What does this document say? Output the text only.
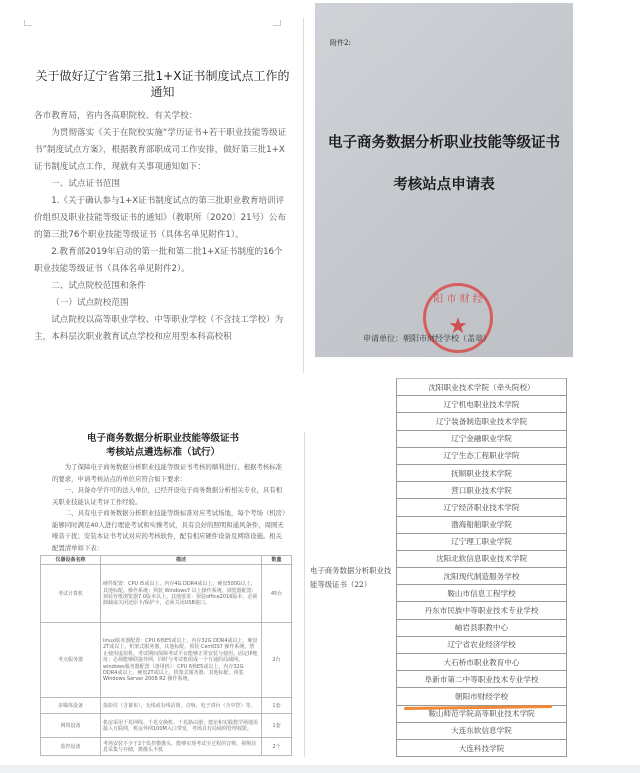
关于做好辽宁省第三批1+X证书制度试点工作的通知

各市教育局，省内各高职院校、有关学校：

为贯彻落实《关于在院校实施“学历证书+若干职业技能等级证书”制度试点方案》，根据教育部职成司工作安排，做好第三批1+X证书制度试点工作，现就有关事项通知如下：

一、试点证书范围

1.《关于确认参与1+X证书制度试点的第三批职业教育培训评价组织及职业技能等级证书的通知》（教职所〔2020〕21号）公布的第三批76个职业技能等级证书（具体名单见附件1）。

2.教育部2019年启动的第一批和第二批1+X证书制度的16个职业技能等级证书（具体名单见附件2）。

二、试点院校范围和条件

（一）试点院校范围

试点院校以高等职业学校、中等职业学校（不含技工学校）为主，本科层次职业教育试点学校和应用型本科高校积

附件2:
电子商务数据分析职业技能等级证书
考核站点申请表
阳 市 财 经
★
申请单位：朝阳市财经学校（盖章）
电子商务数据分析职业技能等级证书
考核站点遴选标准（试行）

为了保障电子商务数据分析职业技能等级证书考核的顺利进行，根据考核标准的要求，申请考核站点的单位应符合如下要求：

一、具备办学许可的法人单位，已经开设电子商务数据分析相关专业，具有相关职业技能认证考评工作经验。

二、具有电子商务数据分析职业技能等级标准对应考试场地，每个考场（机房）能够同时满足40人进行理论考试和实操考试，具有良好的照明和通风条件，周围无噪音干扰；安装本证书考试对应的考核软件，配有相应硬件设备及网络设施。相关配置清单如下表：

仪器设备名称	描述	数量
考试计算机	硬件配置：CPU i5或以上，内存4G DDR4或以上，硬盘500G以上，其他标配。操作系统：预装 Windows7 以上操作系统。浏览器配置：预装谷歌浏览器7.0版本以上。其他要求：预装office2016版本，必须卸载或关闭还原卡/保护卡，必须关闭USB接口。	45台
考点服务器	linux服务器配置：CPU 6核E5或以上，内存32G DDR4或以上，硬盘2T或以上，机架式服务器，其他标配。预装 CentOS7 操作系统。禁止使用虚拟机。考试期间保障考试平台能够正常安装与使用。固定IP地址：必须能够联接外网，同时与考试机组成一个互通的局域网。windows服务器配置（备用机）：CPU 6核E5或以上，内存32G DDR4或以上，硬盘2T或以上，机架式服务器，其他标配。预装 Windows Server 2008 R2 操作系统。	2台
多媒体设备	投影仪（含幕布），无线或有线话筒，音响，电子讲台（含中控）等。	1套
网络设备	机房采用千兆网线、千兆交换机、千兆路由器；建论和实践教学场地需接入互联网，机房外网100M入口带宽，考场具有局域网管理权限。	1套
监控设备	考场安装不少于2个监控摄像头，能够实现考试全过程的音频、视频信息采集与存储，摄像头不低	2个
电子商务数据分析职业技能等级证书（22）
沈阳职业技术学院（牵头院校）
辽宁机电职业技术学院
辽宁装备制造职业技术学院
辽宁金融职业学院
辽宁生态工程职业学院
抚顺职业技术学院
营口职业技术学院
辽宁经济职业技术学院
渤海船舶职业学院
辽宁理工职业学院
沈阳北软信息职业技术学院
沈阳现代制造服务学校
鞍山市信息工程学校
丹东市民族中等职业技术专业学校
岫岩县职教中心
辽宁省农业经济学校
大石桥市职业教育中心
阜新市第二中等职业技术专业学校
朝阳市财经学校
鞍山师范学院高等职业技术学院
大连东软信息学院
大连科技学院
